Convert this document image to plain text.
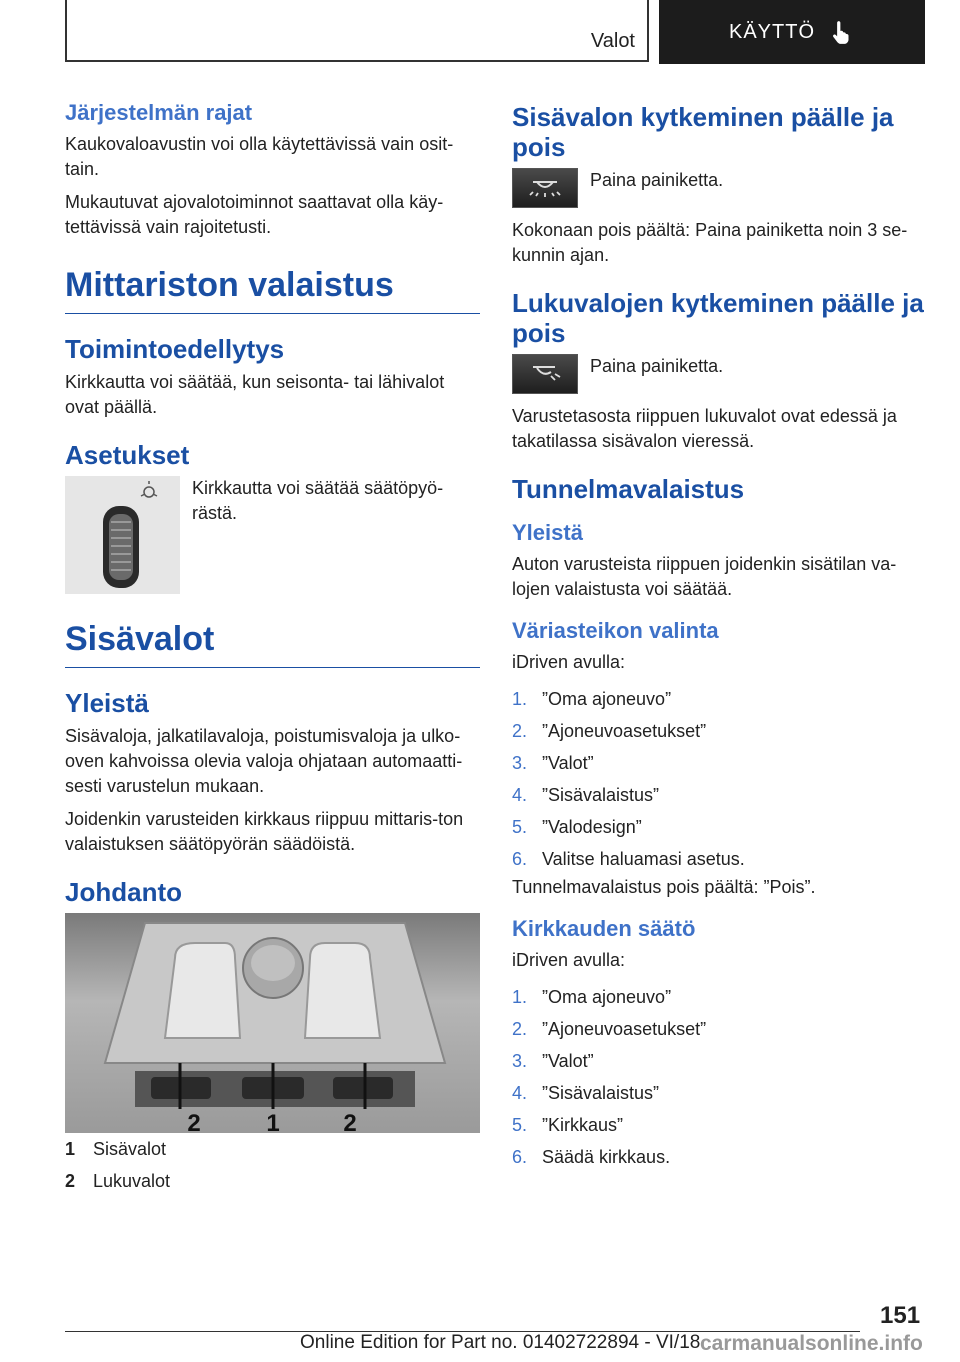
Valot	KÄYTTÖ
Järjestelmän rajat

Kaukovaloavustin voi olla käytettävissä vain osit-tain.

Mukautuvat ajovalotoiminnot saattavat olla käy-tettävissä vain rajoitetusti.

Mittariston valaistus
Toimintoedellytys

Kirkkautta voi säätää, kun seisonta- tai lähivalot ovat päällä.

Asetukset

Kirkkautta voi säätää säätöpyö-rästä.

Sisävalot
Yleistä

Sisävaloja, jalkatilavaloja, poistumisvaloja ja ulko-oven kahvoissa olevia valoja ohjataan automaatti-sesti varustelun mukaan.

Joidenkin varusteiden kirkkaus riippuu mittaris-ton valaistuksen säätöpyörän säädöistä.

Johdanto
2	1	2
1 Sisävalot
2 Lukuvalot
Sisävalon kytkeminen päälle ja pois

Paina painiketta.

Kokonaan pois päältä: Paina painiketta noin 3 se-kunnin ajan.

Lukuvalojen kytkeminen päälle ja pois

Paina painiketta.

Varustetasosta riippuen lukuvalot ovat edessä ja takatilassa sisävalon vieressä.

Tunnelmavalaistus
Yleistä

Auton varusteista riippuen joidenkin sisätilan va-lojen valaistusta voi säätää.

Väriasteikon valinta

iDriven avulla:

1. ”Oma ajoneuvo”
2. ”Ajoneuvoasetukset”
3. ”Valot”
4. ”Sisävalaistus”
5. ”Valodesign”
6. Valitse haluamasi asetus.

Tunnelmavalaistus pois päältä: ”Pois”.

Kirkkauden säätö

iDriven avulla:

1. ”Oma ajoneuvo”
2. ”Ajoneuvoasetukset”
3. ”Valot”
4. ”Sisävalaistus”
5. ”Kirkkaus”
6. Säädä kirkkaus.
151
Online Edition for Part no. 01402722894 - VI/18 carmanualsonline.info
